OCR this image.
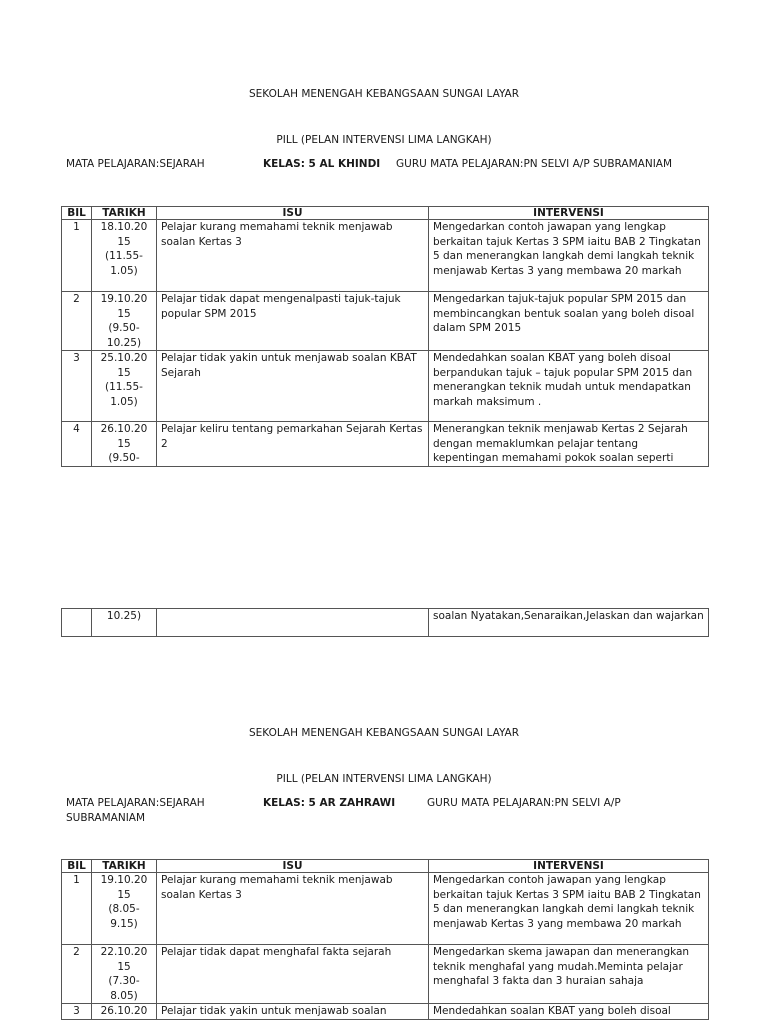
SEKOLAH MENENGAH KEBANGSAAN SUNGAI LAYAR
PILL (PELAN INTERVENSI LIMA LANGKAH)
MATA PELAJARAN:SEJARAH	KELAS: 5 AL KHINDI GURU MATA PELAJARAN:PN SELVI A/P SUBRAMANIAM
BIL	TARIKH	ISU	INTERVENSI
1	18.10.20
15
(11.55-
1.05)	Pelajar kurang memahami teknik menjawab soalan Kertas 3	Mengedarkan contoh jawapan yang lengkap berkaitan tajuk Kertas 3 SPM iaitu BAB 2 Tingkatan 5 dan menerangkan langkah demi langkah teknik menjawab Kertas 3 yang membawa 20 markah
2	19.10.20
15
(9.50-
10.25)	Pelajar tidak dapat mengenalpasti tajuk-tajuk popular SPM 2015	Mengedarkan tajuk-tajuk popular SPM 2015 dan membincangkan bentuk soalan yang boleh disoal dalam SPM 2015
3	25.10.20
15
(11.55-
1.05)	Pelajar tidak yakin untuk menjawab soalan KBAT Sejarah	Mendedahkan soalan KBAT yang boleh disoal berpandukan tajuk – tajuk popular SPM 2015 dan menerangkan teknik mudah untuk mendapatkan markah maksimum .
4	26.10.20
15
(9.50-	Pelajar keliru tentang pemarkahan Sejarah Kertas 2	Menerangkan teknik menjawab Kertas 2 Sejarah dengan memaklumkan pelajar tentang kepentingan memahami pokok soalan seperti
	10.25)		soalan Nyatakan,Senaraikan,Jelaskan dan wajarkan
SEKOLAH MENENGAH KEBANGSAAN SUNGAI LAYAR
PILL (PELAN INTERVENSI LIMA LANGKAH)
MATA PELAJARAN:SEJARAH	KELAS: 5 AR ZAHRAWI	GURU MATA PELAJARAN:PN SELVI A/P
SUBRAMANIAM
BIL	TARIKH	ISU	INTERVENSI
1	19.10.20
15
(8.05-
9.15)	Pelajar kurang memahami teknik menjawab soalan Kertas 3	Mengedarkan contoh jawapan yang lengkap berkaitan tajuk Kertas 3 SPM iaitu BAB 2 Tingkatan 5 dan menerangkan langkah demi langkah teknik menjawab Kertas 3 yang membawa 20 markah
2	22.10.20
15
(7.30-
8.05)	Pelajar tidak dapat menghafal fakta sejarah	Mengedarkan skema jawapan dan menerangkan teknik menghafal yang mudah.Meminta pelajar menghafal 3 fakta dan 3 huraian sahaja
3	26.10.20	Pelajar tidak yakin untuk menjawab soalan	Mendedahkan soalan KBAT yang boleh disoal
